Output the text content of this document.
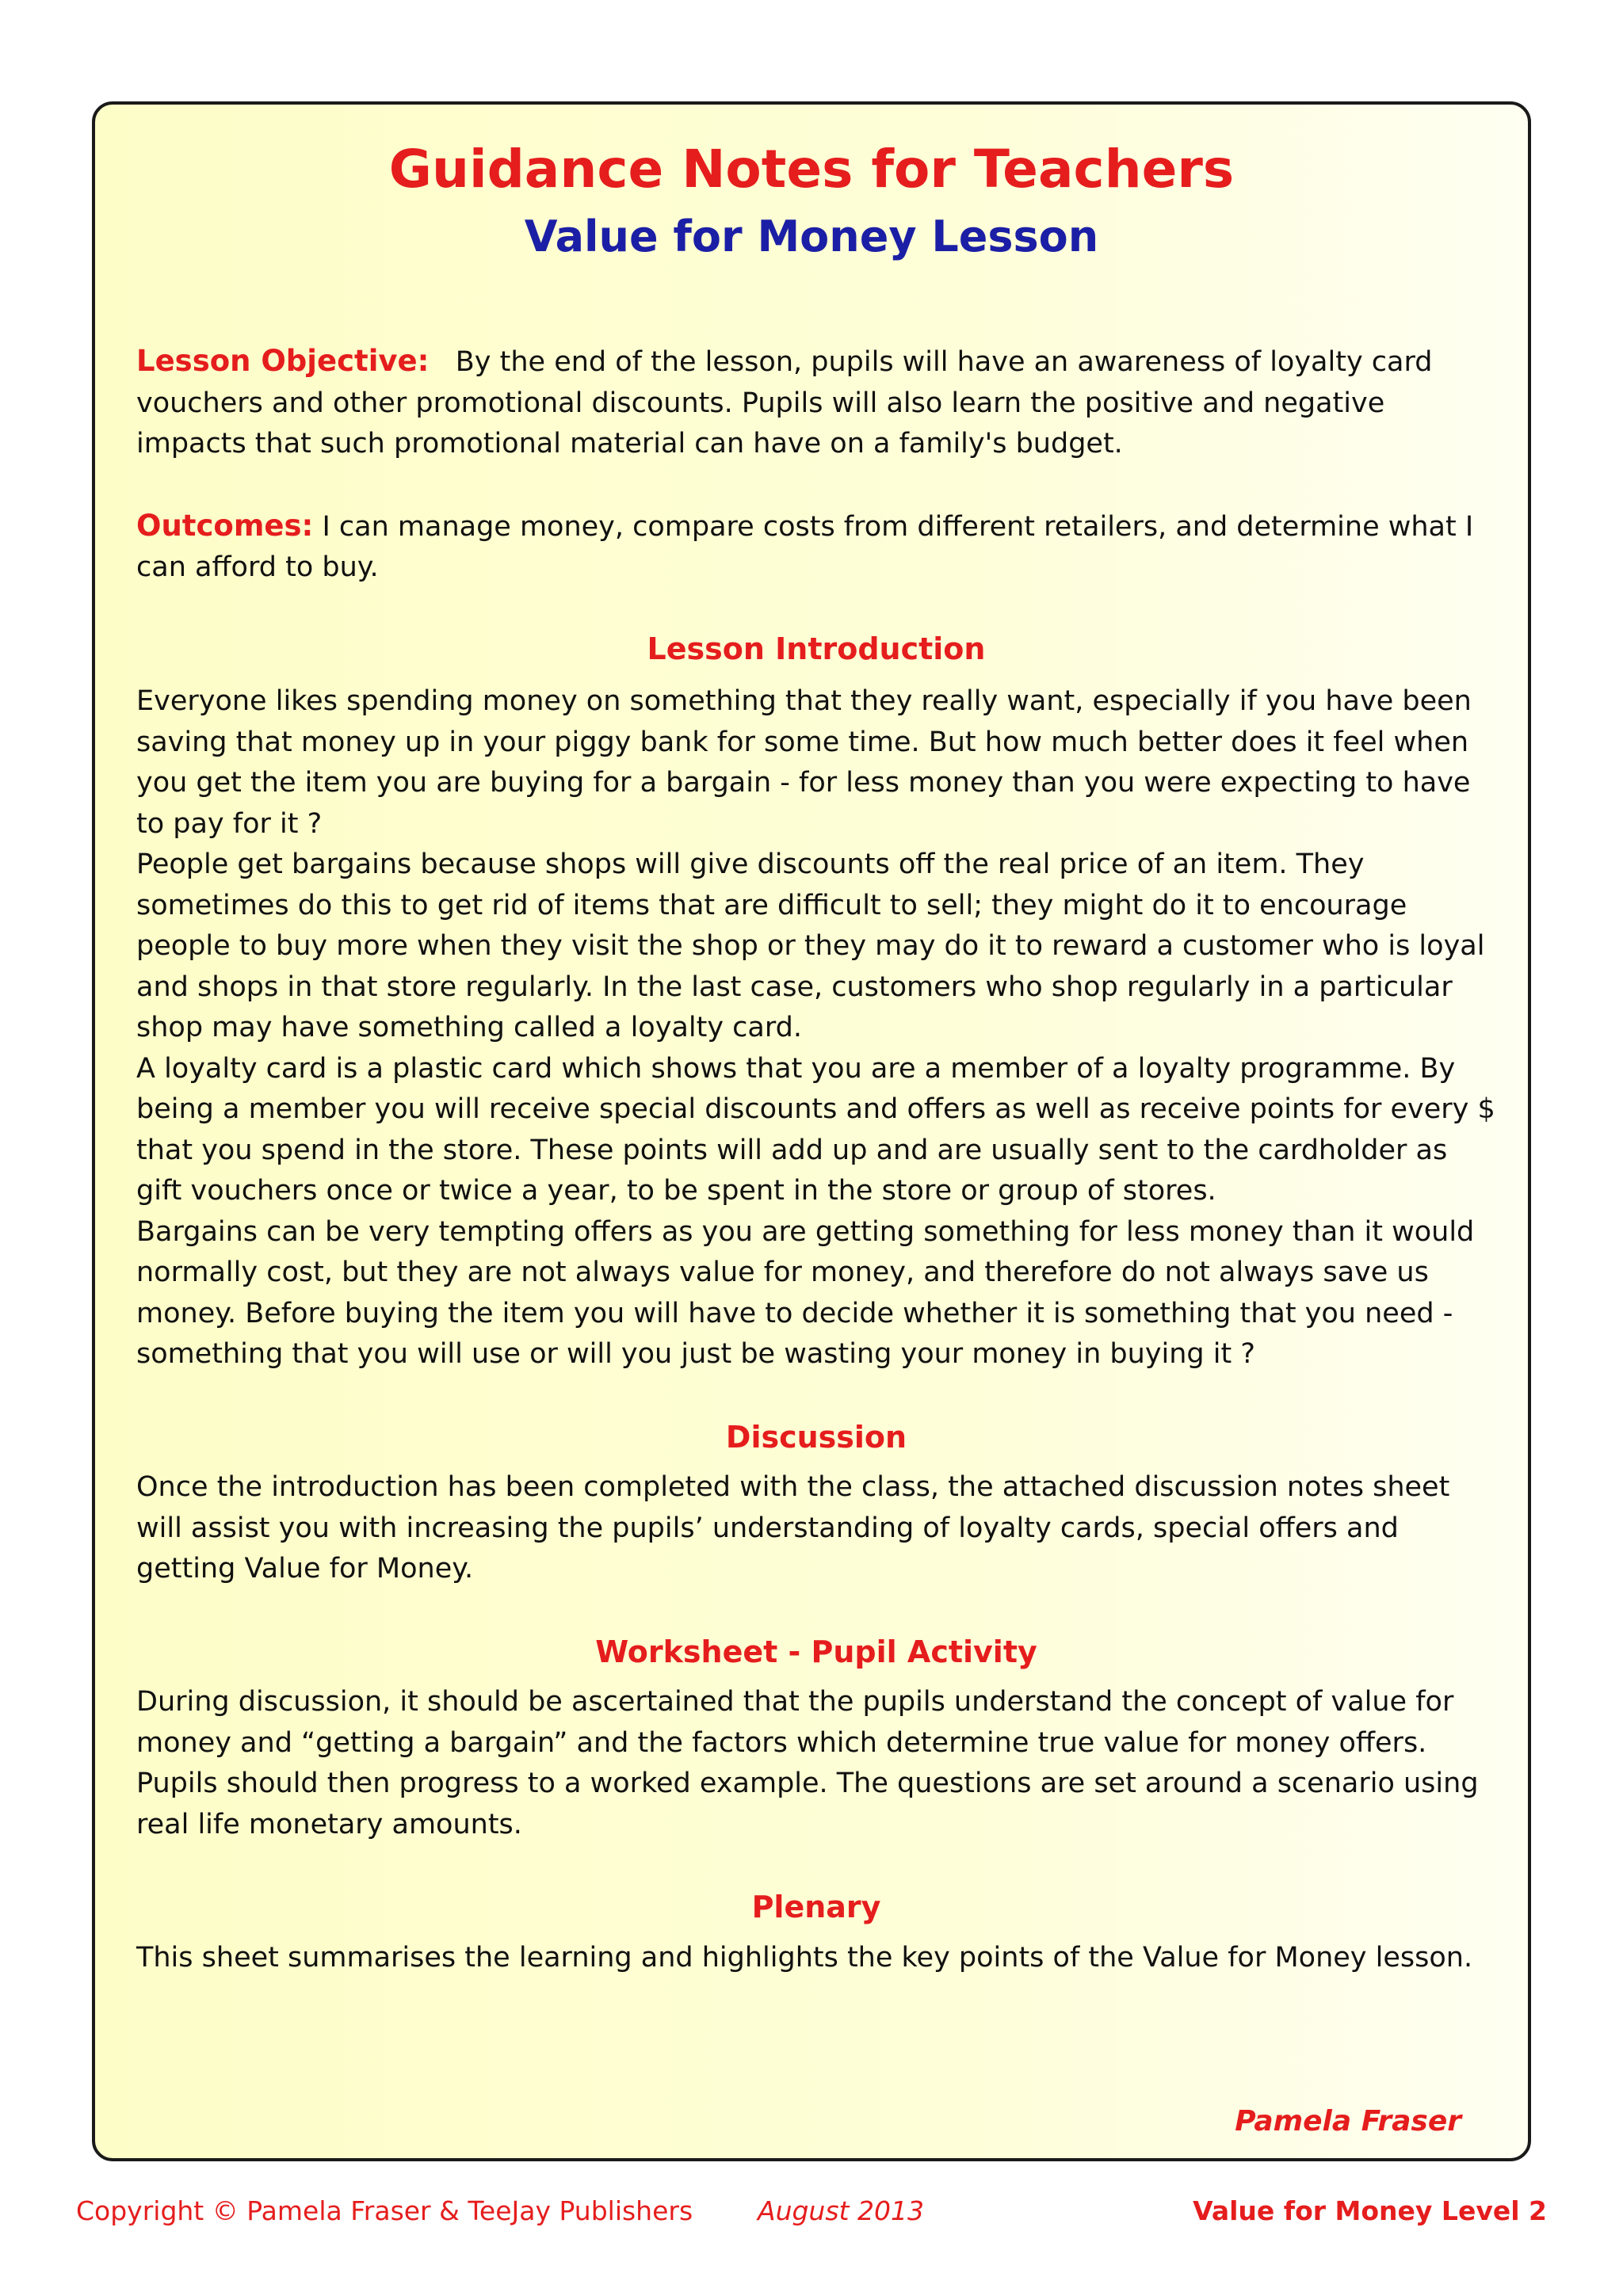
Guidance Notes for Teachers
Value for Money Lesson

Lesson Objective: By the end of the lesson, pupils will have an awareness of loyalty card vouchers and other promotional discounts. Pupils will also learn the positive and negative impacts that such promotional material can have on a family's budget.

Outcomes: I can manage money, compare costs from different retailers, and determine what I can afford to buy.

Lesson Introduction

Everyone likes spending money on something that they really want, especially if you have been saving that money up in your piggy bank for some time. But how much better does it feel when you get the item you are buying for a bargain - for less money than you were expecting to have to pay for it ?

People get bargains because shops will give discounts off the real price of an item. They sometimes do this to get rid of items that are difficult to sell; they might do it to encourage people to buy more when they visit the shop or they may do it to reward a customer who is loyal and shops in that store regularly. In the last case, customers who shop regularly in a particular shop may have something called a loyalty card.

A loyalty card is a plastic card which shows that you are a member of a loyalty programme. By being a member you will receive special discounts and offers as well as receive points for every $ that you spend in the store. These points will add up and are usually sent to the cardholder as gift vouchers once or twice a year, to be spent in the store or group of stores.

Bargains can be very tempting offers as you are getting something for less money than it would normally cost, but they are not always value for money, and therefore do not always save us money. Before buying the item you will have to decide whether it is something that you need - something that you will use or will you just be wasting your money in buying it ?

Discussion

Once the introduction has been completed with the class, the attached discussion notes sheet will assist you with increasing the pupils’ understanding of loyalty cards, special offers and getting Value for Money.

Worksheet - Pupil Activity

During discussion, it should be ascertained that the pupils understand the concept of value for money and “getting a bargain” and the factors which determine true value for money offers. Pupils should then progress to a worked example. The questions are set around a scenario using real life monetary amounts.

Plenary

This sheet summarises the learning and highlights the key points of the Value for Money lesson.

Pamela Fraser
Copyright © Pamela Fraser & TeeJay Publishers August 2013	Value for Money Level 2
